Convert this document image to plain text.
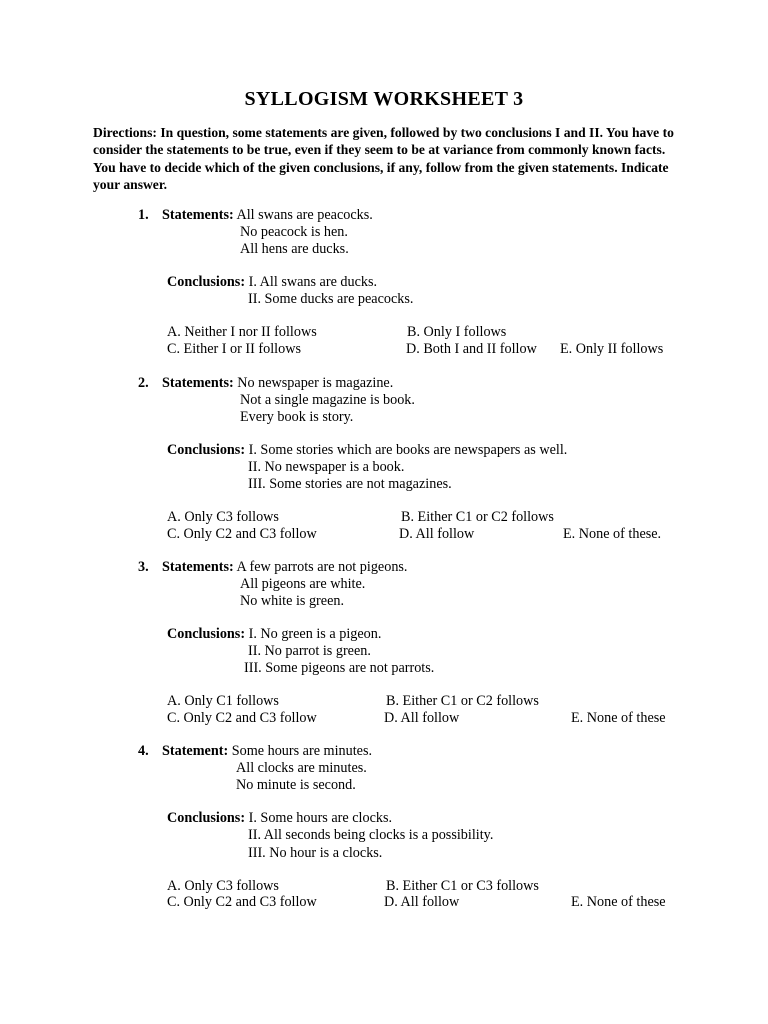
SYLLOGISM WORKSHEET 3
Directions: In question, some statements are given, followed by two conclusions I and II. You have to consider the statements to be true, even if they seem to be at variance from commonly known facts. You have to decide which of the given conclusions, if any, follow from the given statements. Indicate your answer.
1. Statements: All swans are peacocks.
No peacock is hen.
All hens are ducks.
Conclusions: I. All swans are ducks.
II. Some ducks are peacocks.
A. Neither I nor II follows	B. Only I follows
C. Either I or II follows	D. Both I and II follow E. Only II follows
2. Statements: No newspaper is magazine.
Not a single magazine is book.
Every book is story.
Conclusions: I. Some stories which are books are newspapers as well.
II. No newspaper is a book.
III. Some stories are not magazines.
A. Only C3 follows	B. Either C1 or C2 follows
C. Only C2 and C3 follow	D. All follow	E. None of these.
3. Statements: A few parrots are not pigeons.
All pigeons are white.
No white is green.
Conclusions: I. No green is a pigeon.
II. No parrot is green.
III. Some pigeons are not parrots.
A. Only C1 follows	B. Either C1 or C2 follows
C. Only C2 and C3 follow	D. All follow	E. None of these
4. Statement: Some hours are minutes.
All clocks are minutes.
No minute is second.
Conclusions: I. Some hours are clocks.
II. All seconds being clocks is a possibility.
III. No hour is a clocks.
A. Only C3 follows	B. Either C1 or C3 follows
C. Only C2 and C3 follow	D. All follow	E. None of these
